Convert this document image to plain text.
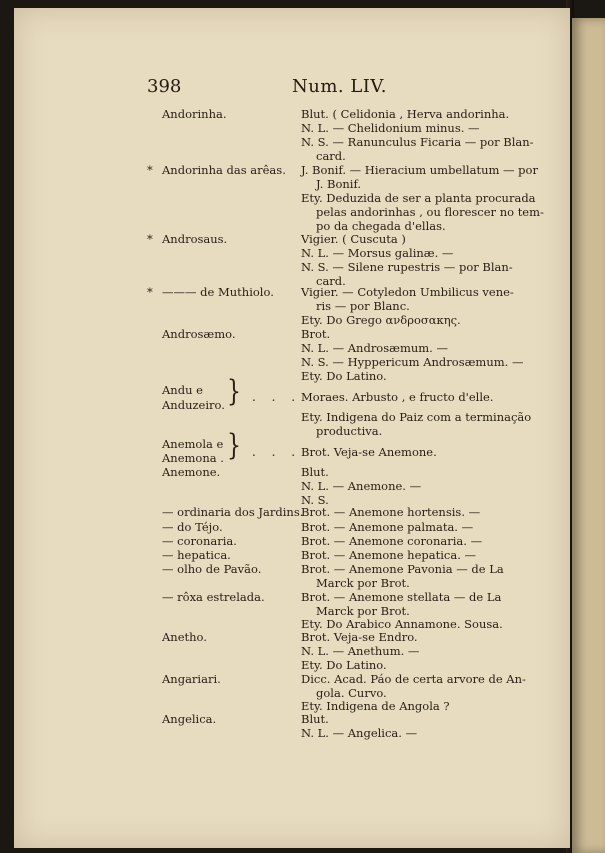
398	Num. LIV.
Andorinha.
* Andorinha das arêas.
* Androsaus.
* ——— de Muthiolo.
Androsæmo.
Andu e
Anduzeiro. } . . .
Anemola e
Anemona . } . . .
Anemone.
— ordinaria dos Jardins.
— do Téjo.
— coronaria.
— hepatica.
— olho de Pavão.
— rôxa estrelada.
Anetho.
Angariari.
Angelica.
Blut. ( Celidonia , Herva andorinha.
N. L. — Chelidonium minus. —
N. S. — Ranunculus Ficaria — por Blan-
card.
J. Bonif. — Hieracium umbellatum — por
J. Bonif.
Ety. Deduzida de ser a planta procurada
pelas andorinhas , ou florescer no tem-
po da chegada d'ellas.
Vigier. ( Cuscuta )
N. L. — Morsus galinæ. —
N. S. — Silene rupestris — por Blan-
card.
Vigier. — Cotyledon Umbilicus vene-
ris — por Blanc.
Ety. Do Grego ανδροσακης.
Brot.
N. L. — Androsæmum. —
N. S. — Hyppericum Androsæmum. —
Ety. Do Latino.
Moraes. Arbusto , e fructo d'elle.
Ety. Indigena do Paiz com a terminação
productiva.
Brot. Veja-se Anemone.
Blut.
N. L. — Anemone. —
N. S.
Brot. — Anemone hortensis. —
Brot. — Anemone palmata. —
Brot. — Anemone coronaria. —
Brot. — Anemone hepatica. —
Brot. — Anemone Pavonia — de La
Marck por Brot.
Brot. — Anemone stellata — de La
Marck por Brot.
Ety. Do Arabico Annamone. Sousa.
Brot. Veja-se Endro.
N. L. — Anethum. —
Ety. Do Latino.
Dicc. Acad. Páo de certa arvore de An-
gola. Curvo.
Ety. Indigena de Angola ?
Blut.
N. L. — Angelica. —
